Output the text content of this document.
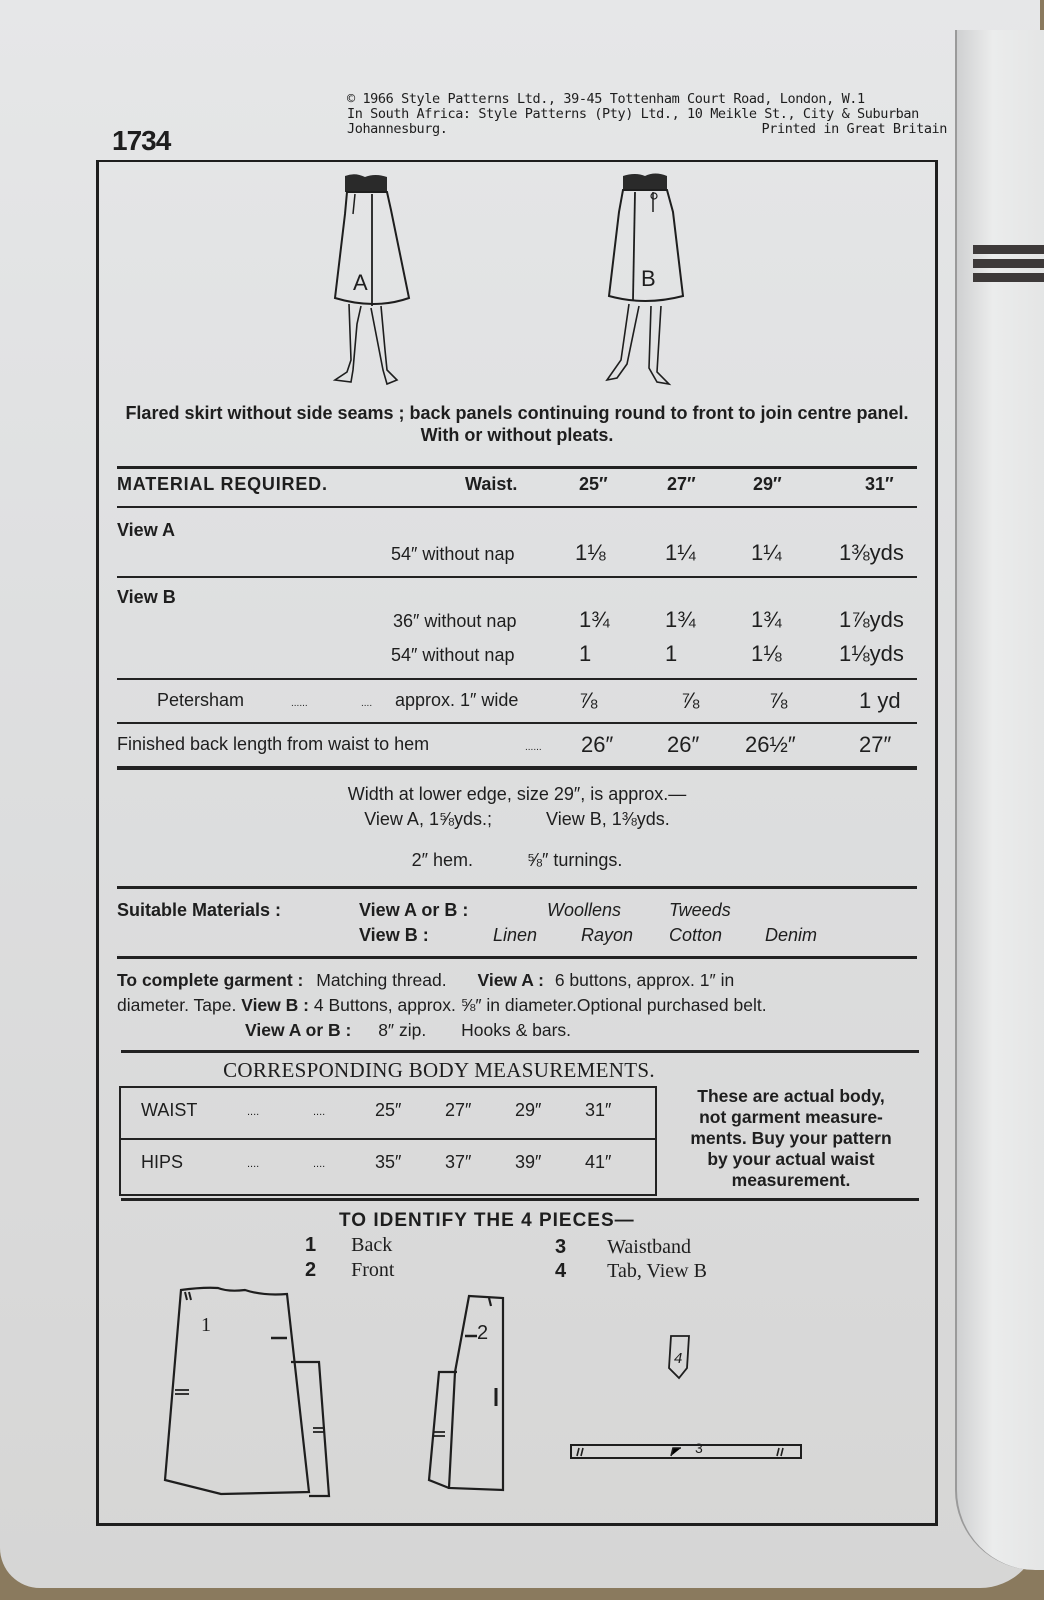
1734
© 1966 Style Patterns Ltd., 39-45 Tottenham Court Road, London, W.1
In South Africa: Style Patterns (Pty) Ltd., 10 Meikle St., City & Suburban
Johannesburg.	Printed in Great Britain
A	B
Flared skirt without side seams ; back panels continuing round to front to join centre panel. With or without pleats.
MATERIAL REQUIRED.	Waist.	25″	27″	29″	31″
View A
54″ without nap	1⅛	1¼	1¼	1⅜yds
View B
36″ without nap	1¾	1¾	1¾	1⅞yds
54″ without nap	1	1	1⅛	1⅛yds
Petersham	......	.... approx. 1″ wide	⅞	⅞	⅞	1 yd
Finished back length from waist to hem	...... 26″ 26″ 26½″	27″
Width at lower edge, size 29″, is approx.—
View A, 1⅝yds.;	View B, 1⅜yds.
2″ hem.	⅝″ turnings.
Suitable Materials :	View A or B :	Woollens	Tweeds
View B :	Linen Rayon Cotton Denim
To complete garment : Matching thread. View A : 6 buttons, approx. 1″ in
diameter. Tape. View B : 4 Buttons, approx. ⅝″ in diameter.Optional purchased belt.
View A or B : 8″ zip. Hooks & bars.
CORRESPONDING BODY MEASUREMENTS.
WAIST	....	....	25″ 27″ 29″ 31″
HIPS	....	....	35″ 37″ 39″ 41″
These are actual body,
not garment measure-
ments. Buy your pattern
by your actual waist
measurement.
TO IDENTIFY THE 4 PIECES—
1 Back
2 Front
3 Waistband
4 Tab, View B
1	2
4
3
